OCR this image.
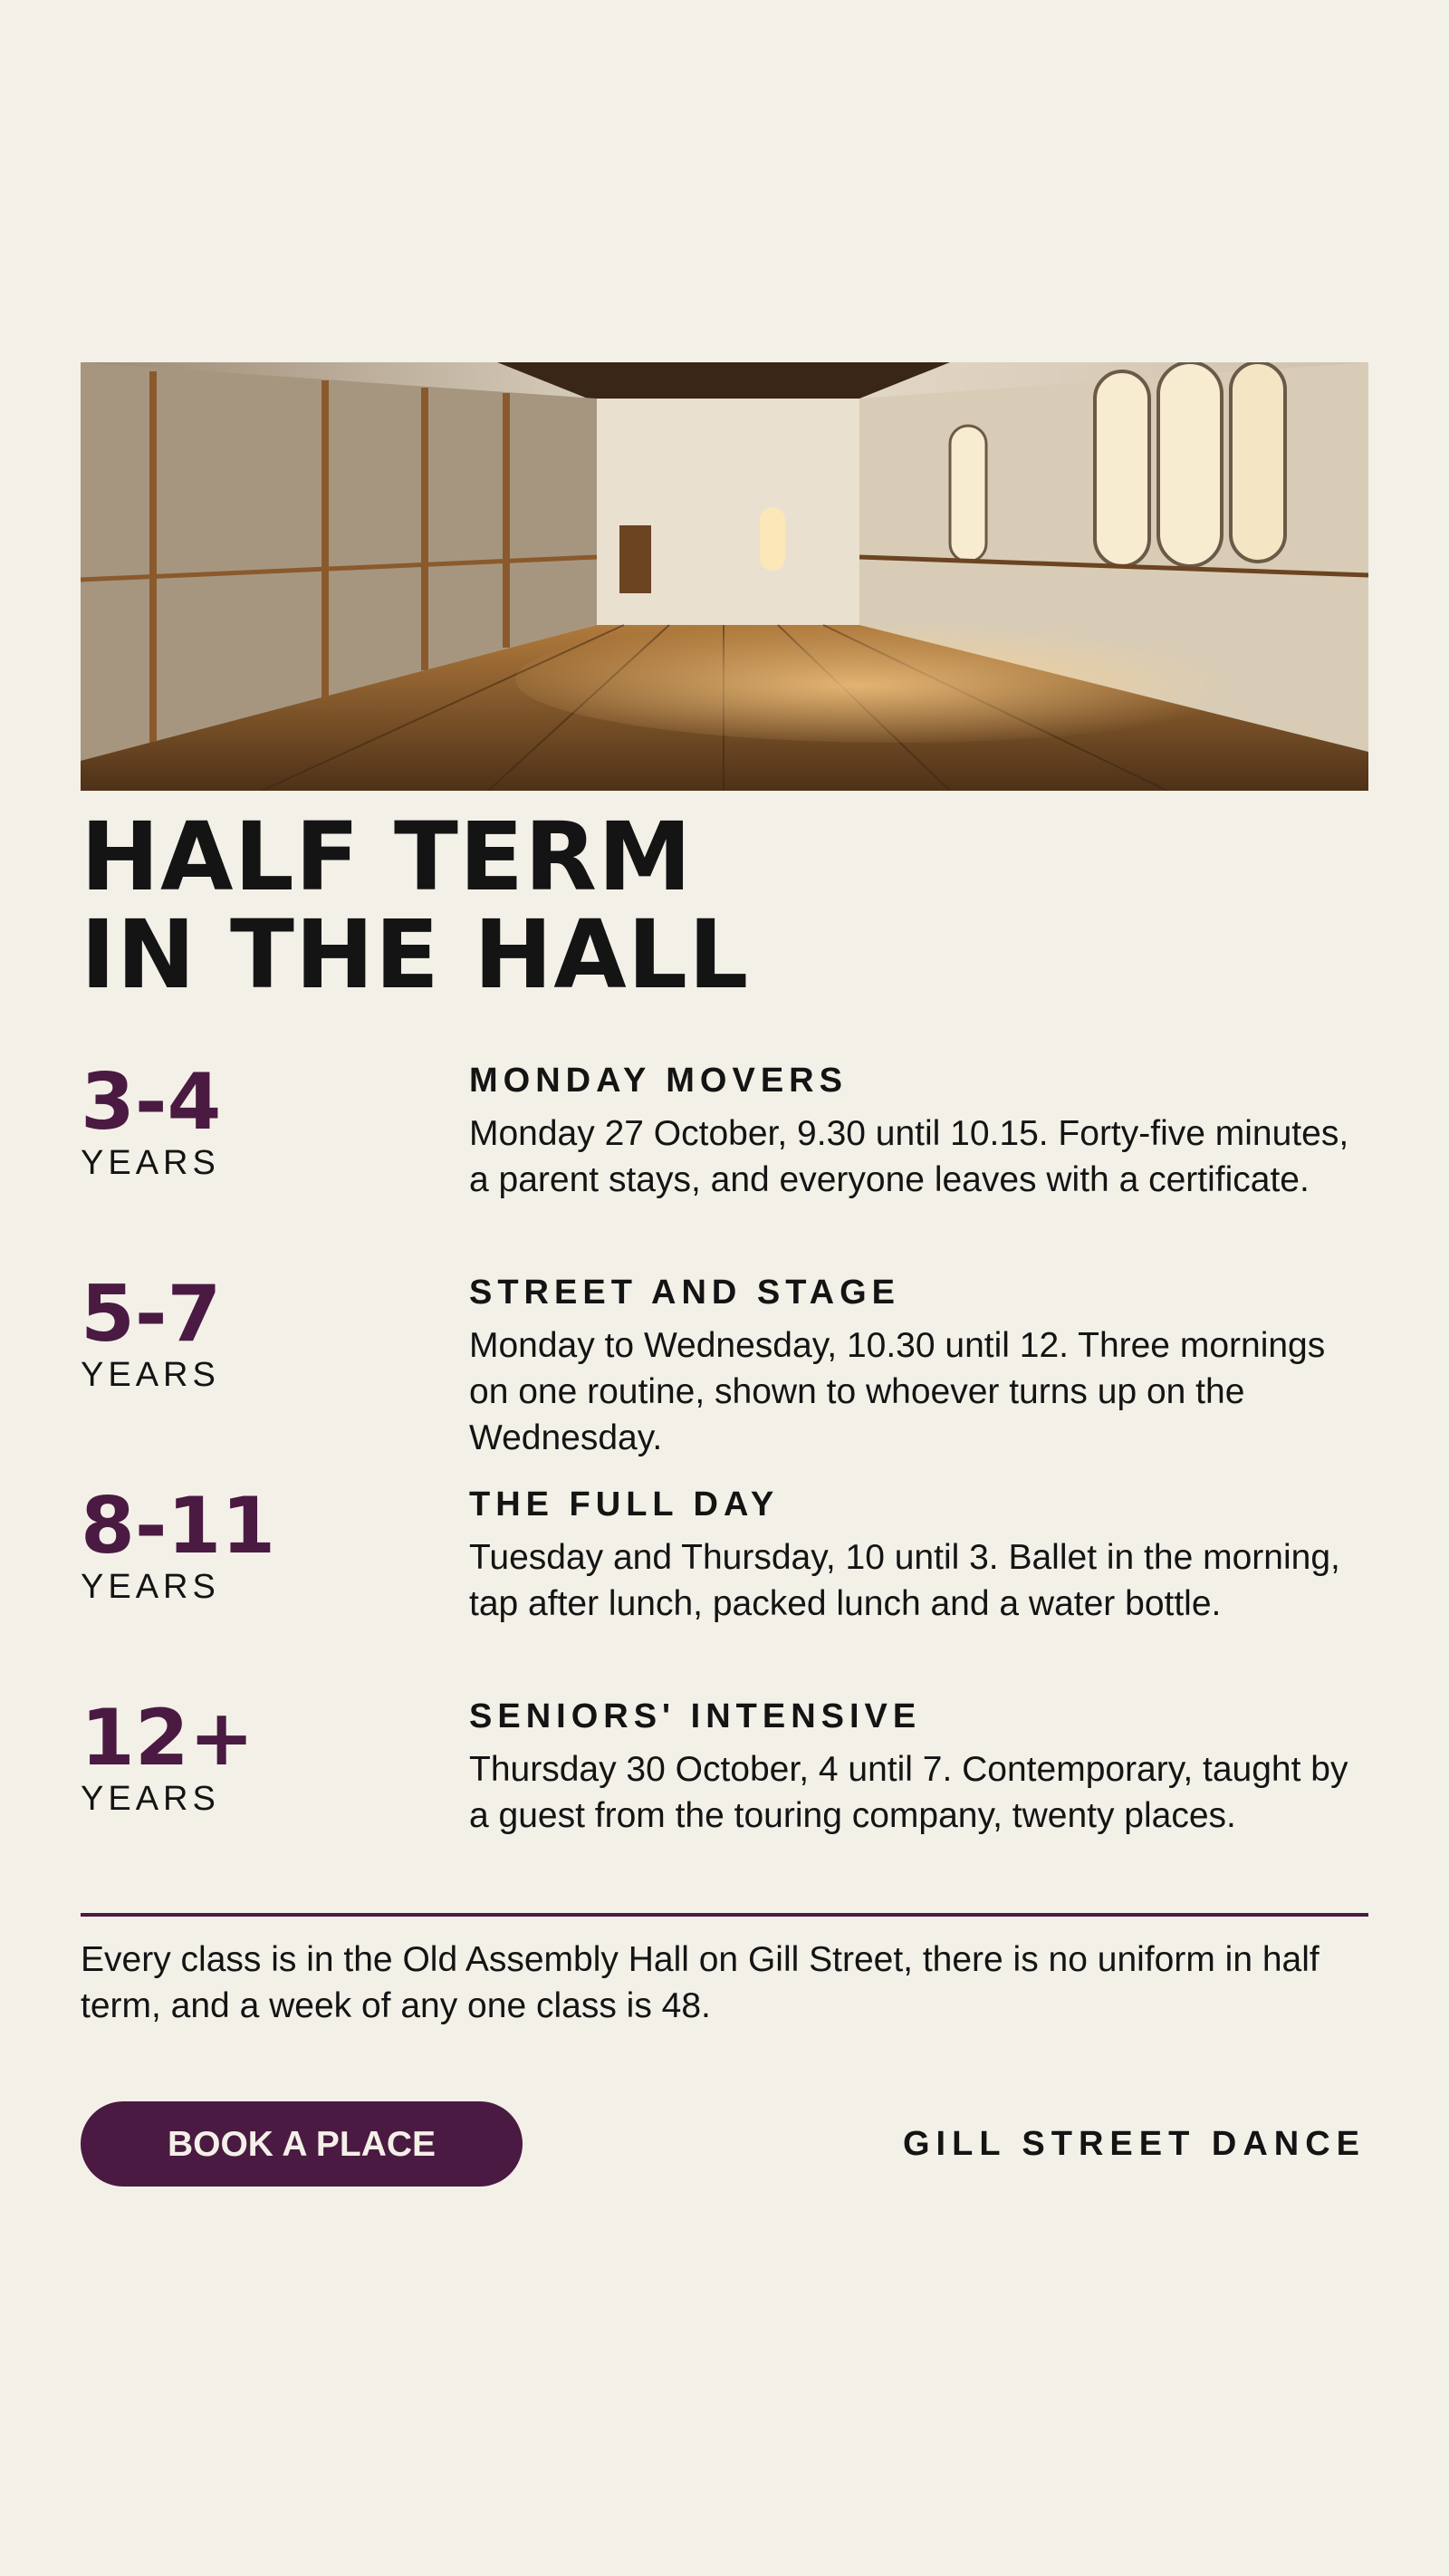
HALF TERM
IN THE HALL
3-4
YEARS
MONDAY MOVERS
Monday 27 October, 9.30 until 10.15. Forty-five minutes, a parent stays, and everyone leaves with a certificate.
5-7
YEARS
STREET AND STAGE
Monday to Wednesday, 10.30 until 12. Three mornings on one routine, shown to whoever turns up on the Wednesday.
8-11
YEARS
THE FULL DAY
Tuesday and Thursday, 10 until 3. Ballet in the morning, tap after lunch, packed lunch and a water bottle.
12+
YEARS
SENIORS' INTENSIVE
Thursday 30 October, 4 until 7. Contemporary, taught by a guest from the touring company, twenty places.

Every class is in the Old Assembly Hall on Gill Street, there is no uniform in half term, and a week of any one class is 48.

BOOK A PLACE	GILL STREET DANCE
